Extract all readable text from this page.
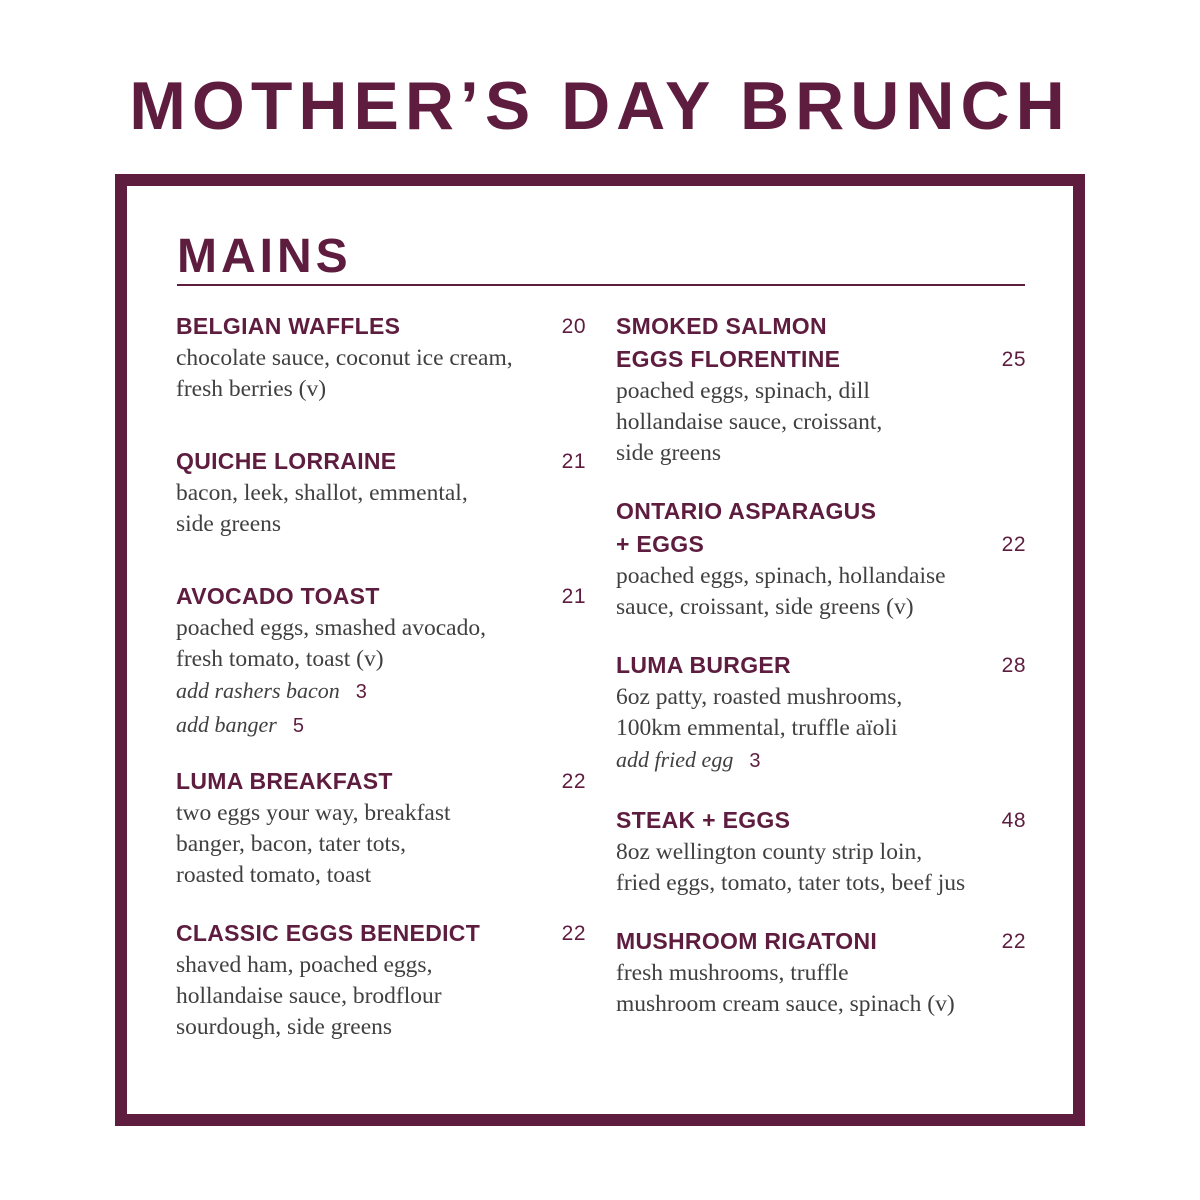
MOTHER’S DAY BRUNCH
MAINS
BELGIAN WAFFLES	20
chocolate sauce, coconut ice cream,
fresh berries (v)
QUICHE LORRAINE	21
bacon, leek, shallot, emmental,
side greens
AVOCADO TOAST	21
poached eggs, smashed avocado,
fresh tomato, toast (v)
add rashers bacon 3
add banger 5
LUMA BREAKFAST	22
two eggs your way, breakfast
banger, bacon, tater tots,
roasted tomato, toast
CLASSIC EGGS BENEDICT	22
shaved ham, poached eggs,
hollandaise sauce, brodflour
sourdough, side greens
SMOKED SALMON
EGGS FLORENTINE	25
poached eggs, spinach, dill
hollandaise sauce, croissant,
side greens
ONTARIO ASPARAGUS
+ EGGS	22
poached eggs, spinach, hollandaise
sauce, croissant, side greens (v)
LUMA BURGER	28
6oz patty, roasted mushrooms,
100km emmental, truffle aïoli
add fried egg 3
STEAK + EGGS	48
8oz wellington county strip loin,
fried eggs, tomato, tater tots, beef jus
MUSHROOM RIGATONI	22
fresh mushrooms, truffle
mushroom cream sauce, spinach (v)
